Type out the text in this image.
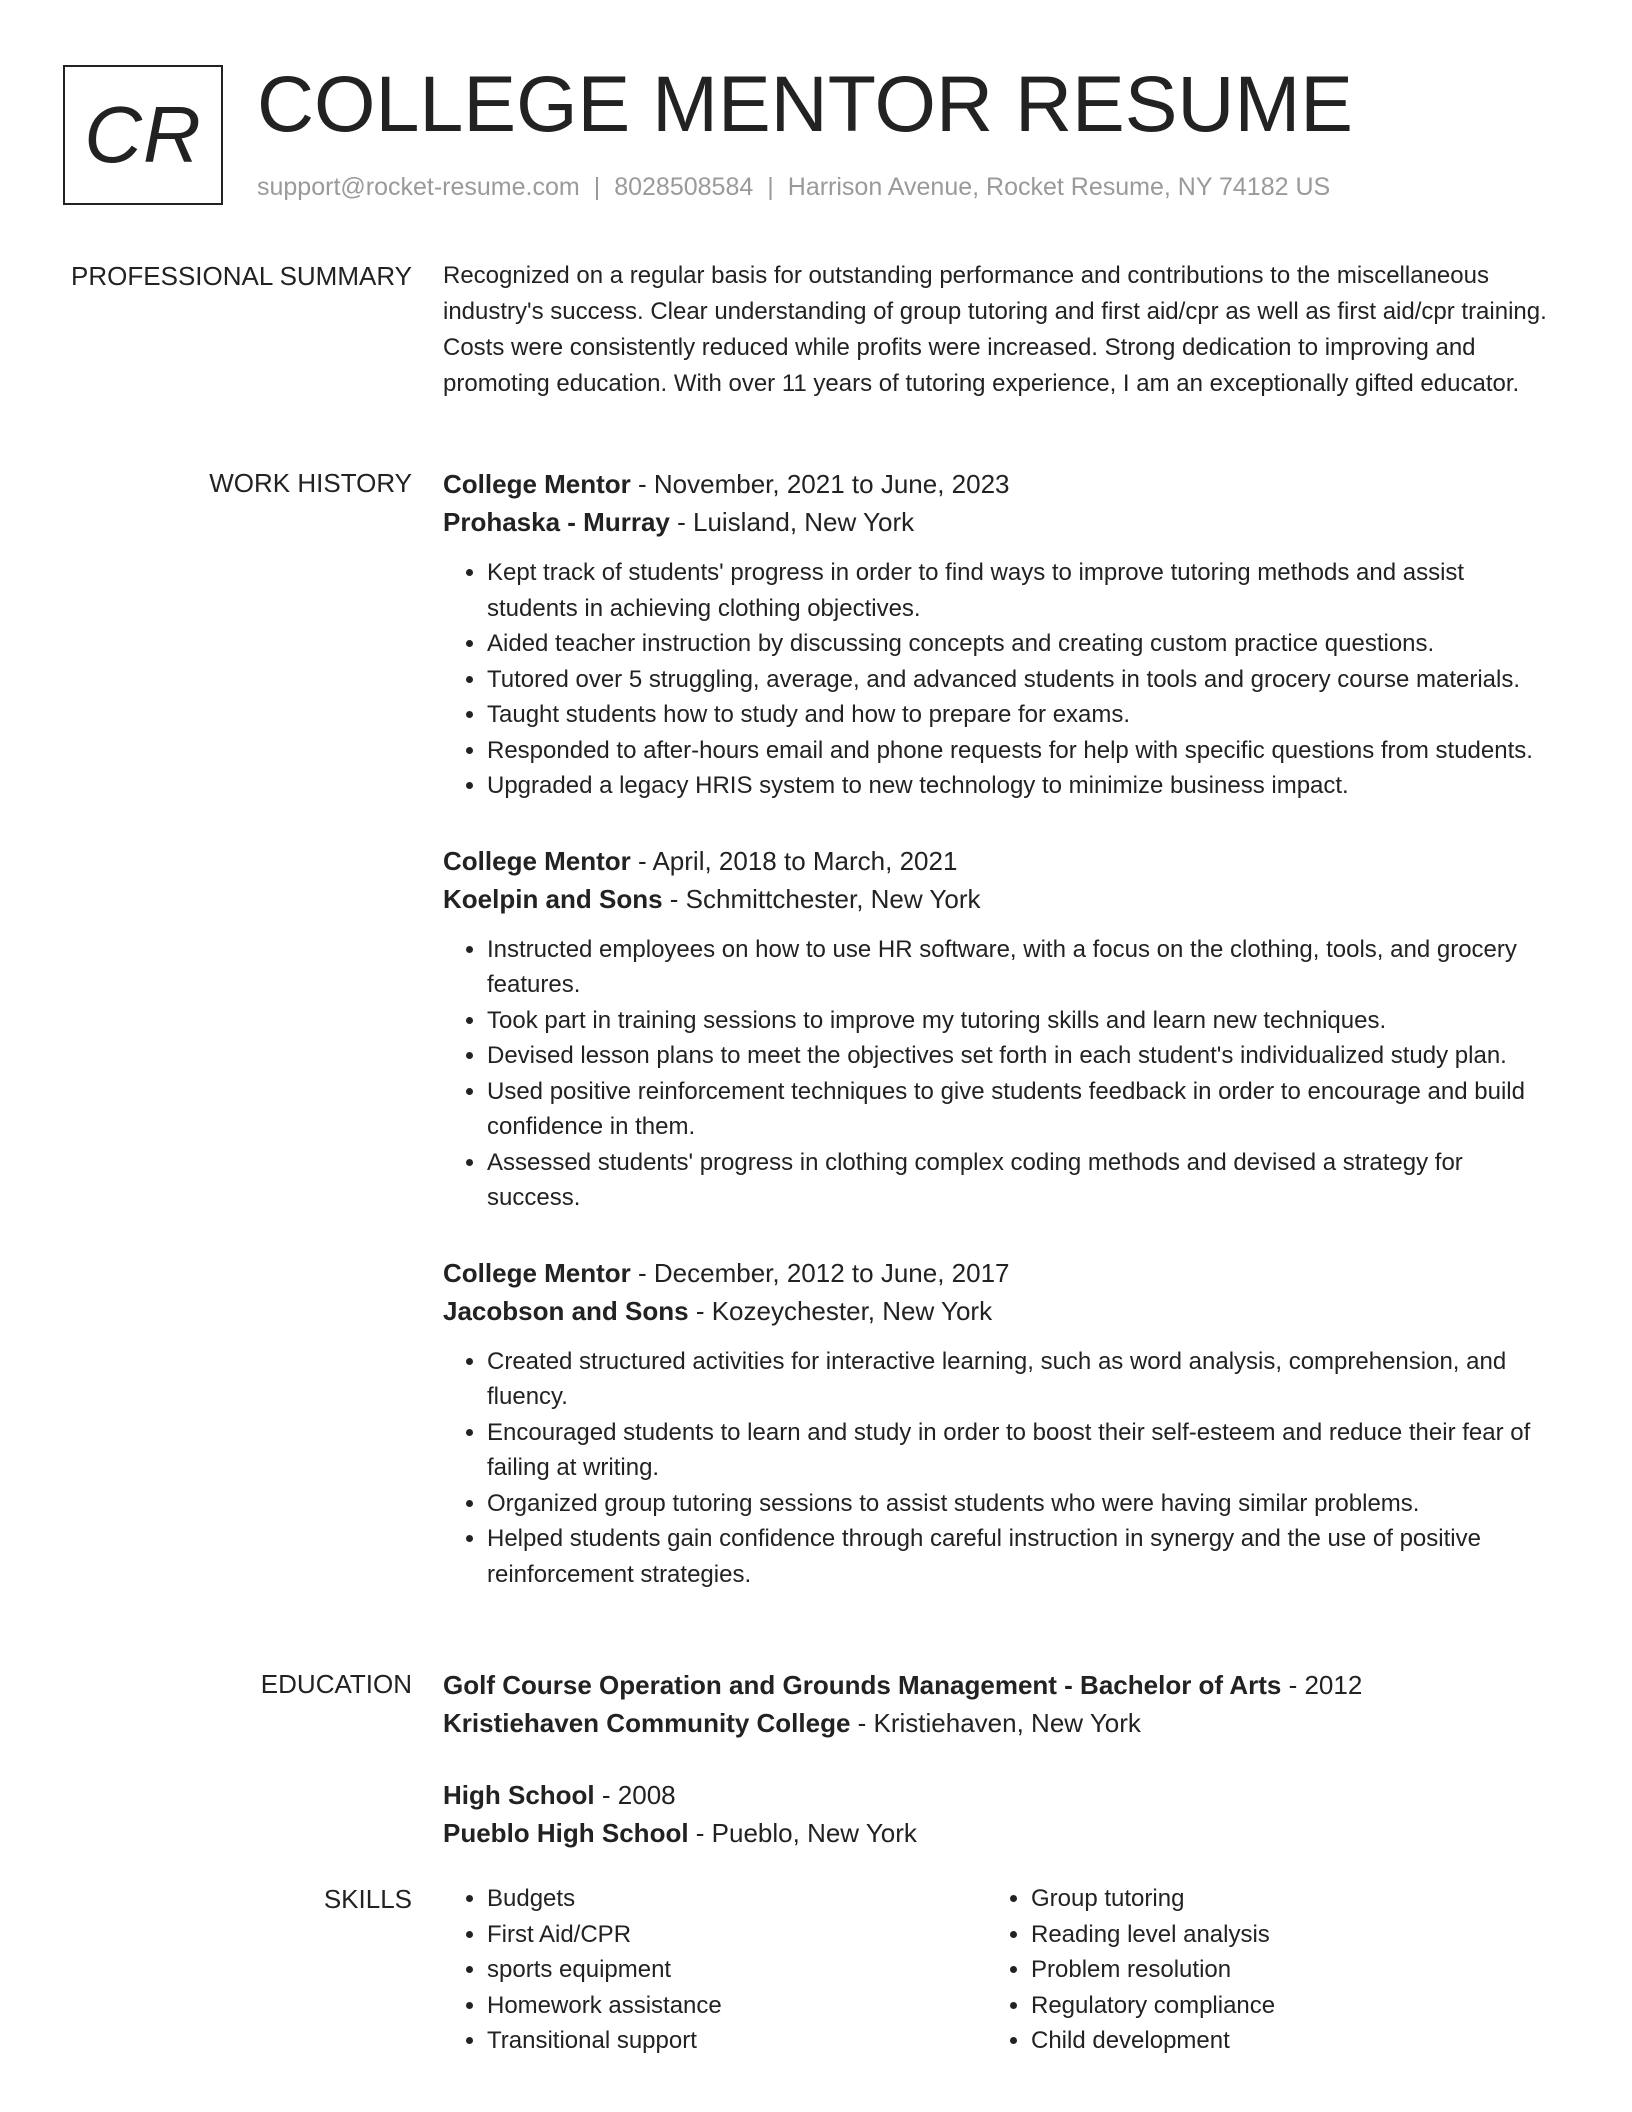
CR COLLEGE MENTOR RESUME
support@rocket-resume.com | 8028508584 | Harrison Avenue, Rocket Resume, NY 74182 US
PROFESSIONAL SUMMARY Recognized on a regular basis for outstanding performance and contributions to the miscellaneous industry's success. Clear understanding of group tutoring and first aid/cpr as well as first aid/cpr training. Costs were consistently reduced while profits were increased. Strong dedication to improving and promoting education. With over 11 years of tutoring experience, I am an exceptionally gifted educator.

WORK HISTORY College Mentor - November, 2021 to June, 2023
Prohaska - Murray - Luisland, New York
• Kept track of students' progress in order to find ways to improve tutoring methods and assist students in achieving clothing objectives.
• Aided teacher instruction by discussing concepts and creating custom practice questions.
• Tutored over 5 struggling, average, and advanced students in tools and grocery course materials.
• Taught students how to study and how to prepare for exams.
• Responded to after-hours email and phone requests for help with specific questions from students.
• Upgraded a legacy HRIS system to new technology to minimize business impact.
College Mentor - April, 2018 to March, 2021
Koelpin and Sons - Schmittchester, New York
• Instructed employees on how to use HR software, with a focus on the clothing, tools, and grocery features.
• Took part in training sessions to improve my tutoring skills and learn new techniques.
• Devised lesson plans to meet the objectives set forth in each student's individualized study plan.
• Used positive reinforcement techniques to give students feedback in order to encourage and build confidence in them.
• Assessed students' progress in clothing complex coding methods and devised a strategy for success.
College Mentor - December, 2012 to June, 2017
Jacobson and Sons - Kozeychester, New York
• Created structured activities for interactive learning, such as word analysis, comprehension, and fluency.
• Encouraged students to learn and study in order to boost their self-esteem and reduce their fear of failing at writing.
• Organized group tutoring sessions to assist students who were having similar problems.
• Helped students gain confidence through careful instruction in synergy and the use of positive reinforcement strategies.
EDUCATION Golf Course Operation and Grounds Management - Bachelor of Arts - 2012
Kristiehaven Community College - Kristiehaven, New York
High School - 2008
Pueblo High School - Pueblo, New York
SKILLS
•	Budgets
• First Aid/CPR
• sports equipment
• Homework assistance
• Transitional support
• Group tutoring
• Reading level analysis
• Problem resolution
• Regulatory compliance
• Child development
